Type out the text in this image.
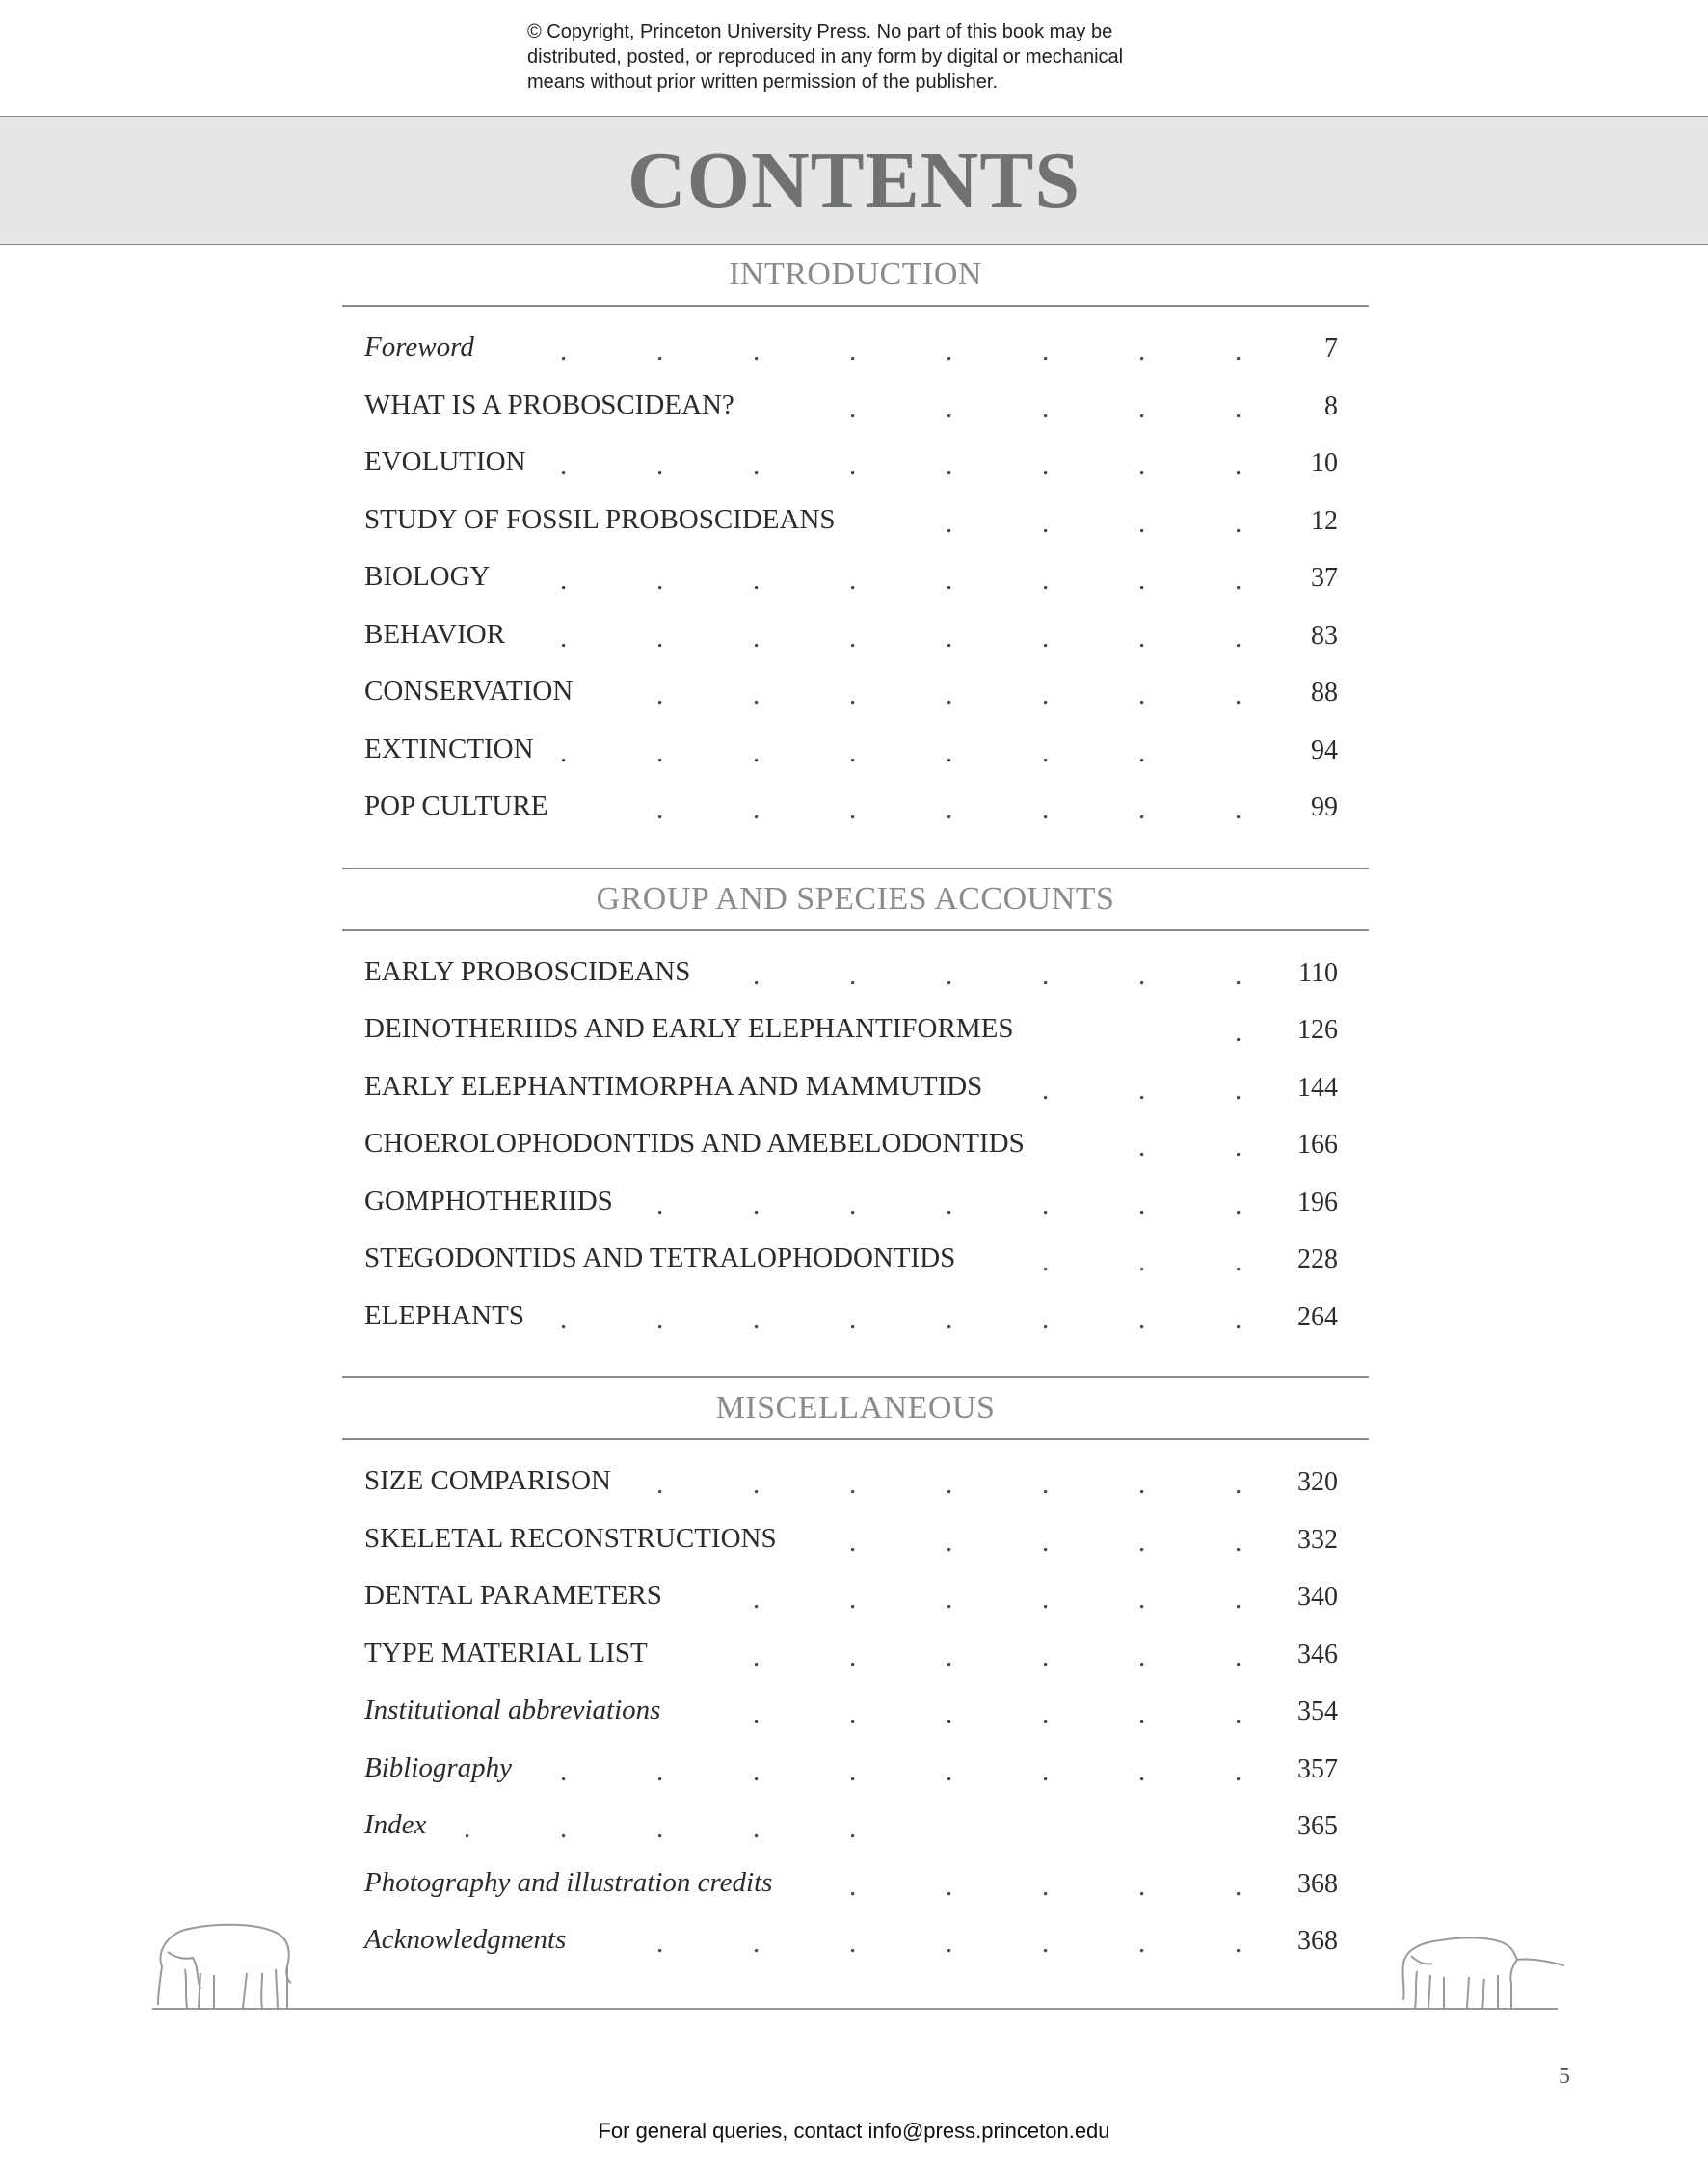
© Copyright, Princeton University Press. No part of this book may be
distributed, posted, or reproduced in any form by digital or mechanical
means without prior written permission of the publisher.
CONTENTS
INTRODUCTION
.	.	.	.	.	.	.	.
Foreword	7
.	.	.	.	.
WHAT IS A PROBOSCIDEAN?	8
.	.	.	.	.	.	.	.
EVOLUTION	10
.	.	.	.
STUDY OF FOSSIL PROBOSCIDEANS	12
.	.	.	.	.	.	.	.
BIOLOGY	37
.	.	.	.	.	.	.	.
BEHAVIOR	83
.	.	.	.	.	.	.
CONSERVATION	88
.	.	.	.	.	.	.
EXTINCTION	94
.	.	.	.	.	.	.
POP CULTURE	99
GROUP AND SPECIES ACCOUNTS
.	.	.	.	.	.
EARLY PROBOSCIDEANS	110
.
DEINOTHERIIDS AND EARLY ELEPHANTIFORMES	126
.	.	.
EARLY ELEPHANTIMORPHA AND MAMMUTIDS	144
.	.
CHOEROLOPHODONTIDS AND AMEBELODONTIDS	166
.	.	.	.	.	.	.
GOMPHOTHERIIDS	196
.	.	.
STEGODONTIDS AND TETRALOPHODONTIDS	228
.	.	.	.	.	.	.	.
ELEPHANTS	264
MISCELLANEOUS
.	.	.	.	.	.	.
SIZE COMPARISON	320
.	.	.	.	.
SKELETAL RECONSTRUCTIONS	332
.	.	.	.	.	.
DENTAL PARAMETERS	340
.	.	.	.	.	.
TYPE MATERIAL LIST	346
.	.	.	.	.	.
Institutional abbreviations	354
.	.	.	.	.	.	.	.
Bibliography	357
.	.	.	.	.
Index	365
.	.	.	.	.
Photography and illustration credits	368
.	.	.	.	.	.	.
Acknowledgments	368
5
For general queries, contact info@press.princeton.edu
